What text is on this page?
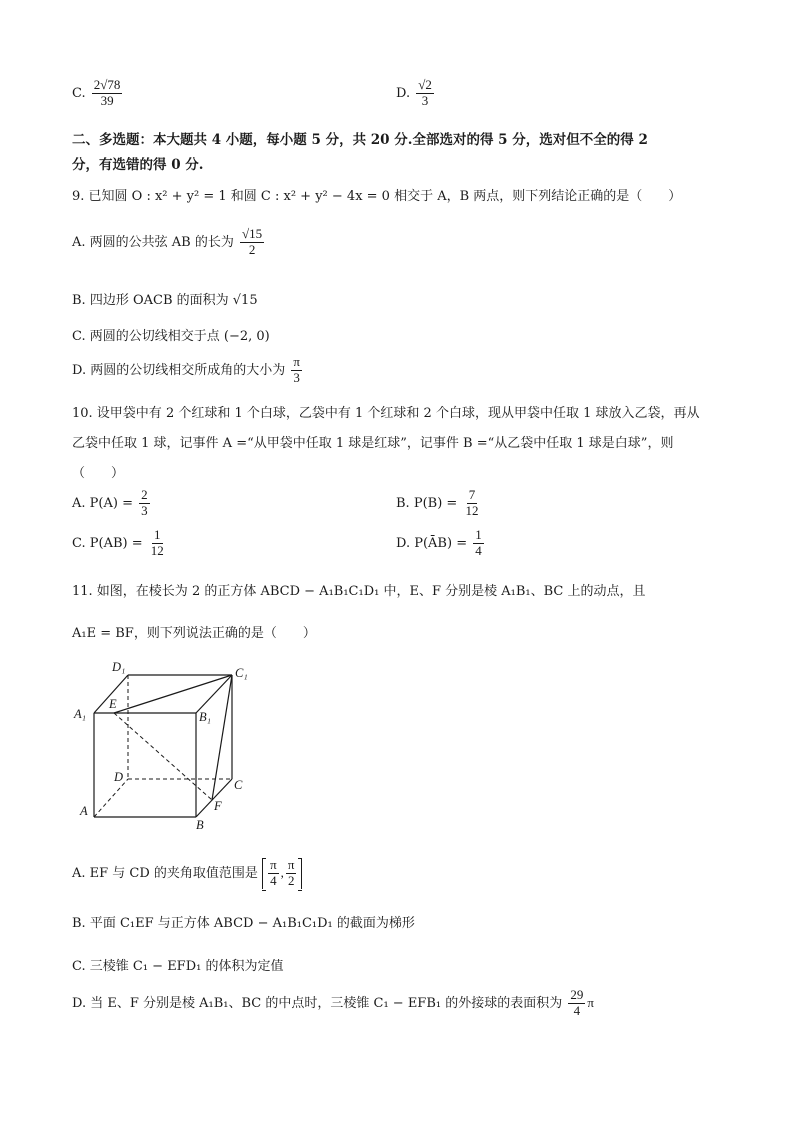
C. $\frac{2√78}{39}$	D. $\frac{√2}{3}$
二、多选题：本大题共 4 小题，每小题 5 分，共 20 分.全部选对的得 5 分，选对但不全的得 2
分，有选错的得 0 分.
9. 已知圆 O : x² + y² = 1 和圆 C : x² + y² − 4x = 0 相交于 A，B 两点，则下列结论正确的是（　　）
A. 两圆的公共弦 AB 的长为 $\frac{√15}{2}$
B. 四边形 OACB 的面积为 √15
C. 两圆的公切线相交于点 (−2, 0)
D. 两圆的公切线相交所成角的大小为 $\frac{\pi}{3}$
10. 设甲袋中有 2 个红球和 1 个白球，乙袋中有 1 个红球和 2 个白球，现从甲袋中任取 1 球放入乙袋，再从
乙袋中任取 1 球，记事件 A =“从甲袋中任取 1 球是红球”，记事件 B =“从乙袋中任取 1 球是白球”，则
（　　）
A. $P(A) = \frac{2}{3}$	B. $P(B) = \frac{7}{12}$
C. $P(AB) = \frac{1}{12}$	D. P(ĀB) = $\frac{1}{4}$
11. 如图，在棱长为 2 的正方体 ABCD − A₁B₁C₁D₁ 中，E、F 分别是棱 A₁B₁、BC 上的动点，且
A₁E = BF，则下列说法正确的是（　　）
D₁	C₁
E
A₁	B₁
D
C
A
B
F
A. EF 与 CD 的夹角取值范围是 $\frac{\pi}{4}$ , $\frac{\pi}{2}$
B. 平面 C₁EF 与正方体 ABCD − A₁B₁C₁D₁ 的截面为梯形
C. 三棱锥 C₁ − EFD₁ 的体积为定值
D. 当 E、F 分别是棱 A₁B₁、BC 的中点时，三棱锥 C₁ − EFB₁ 的外接球的表面积为 $\frac{29}{4}$ π
